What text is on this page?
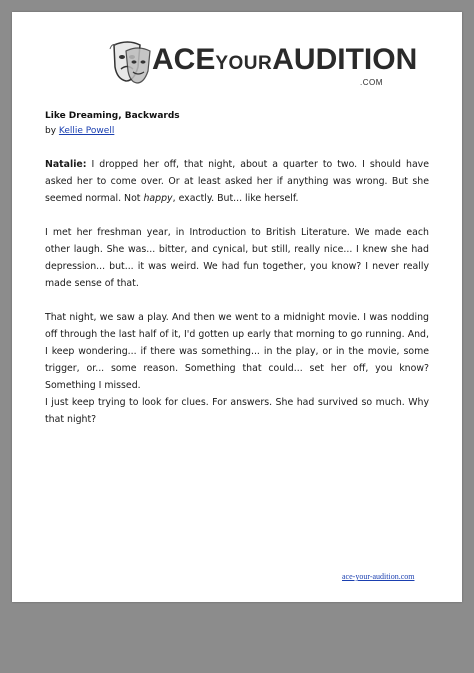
ACEYOURAUDITION
.COM
Like Dreaming, Backwards
by Kellie Powell

Natalie: I dropped her off, that night, about a quarter to two. I should have asked her to come over. Or at least asked her if anything was wrong. But she seemed normal. Not happy, exactly. But... like herself.

I met her freshman year, in Introduction to British Literature. We made each other laugh. She was... bitter, and cynical, but still, really nice... I knew she had depression... but... it was weird. We had fun together, you know? I never really made sense of that.

That night, we saw a play. And then we went to a midnight movie. I was nodding off through the last half of it, I'd gotten up early that morning to go running. And, I keep wondering... if there was something... in the play, or in the movie, some trigger, or... some reason. Something that could... set her off, you know? Something I missed.

I just keep trying to look for clues. For answers. She had survived so much. Why that night?

ace-your-audition.com
